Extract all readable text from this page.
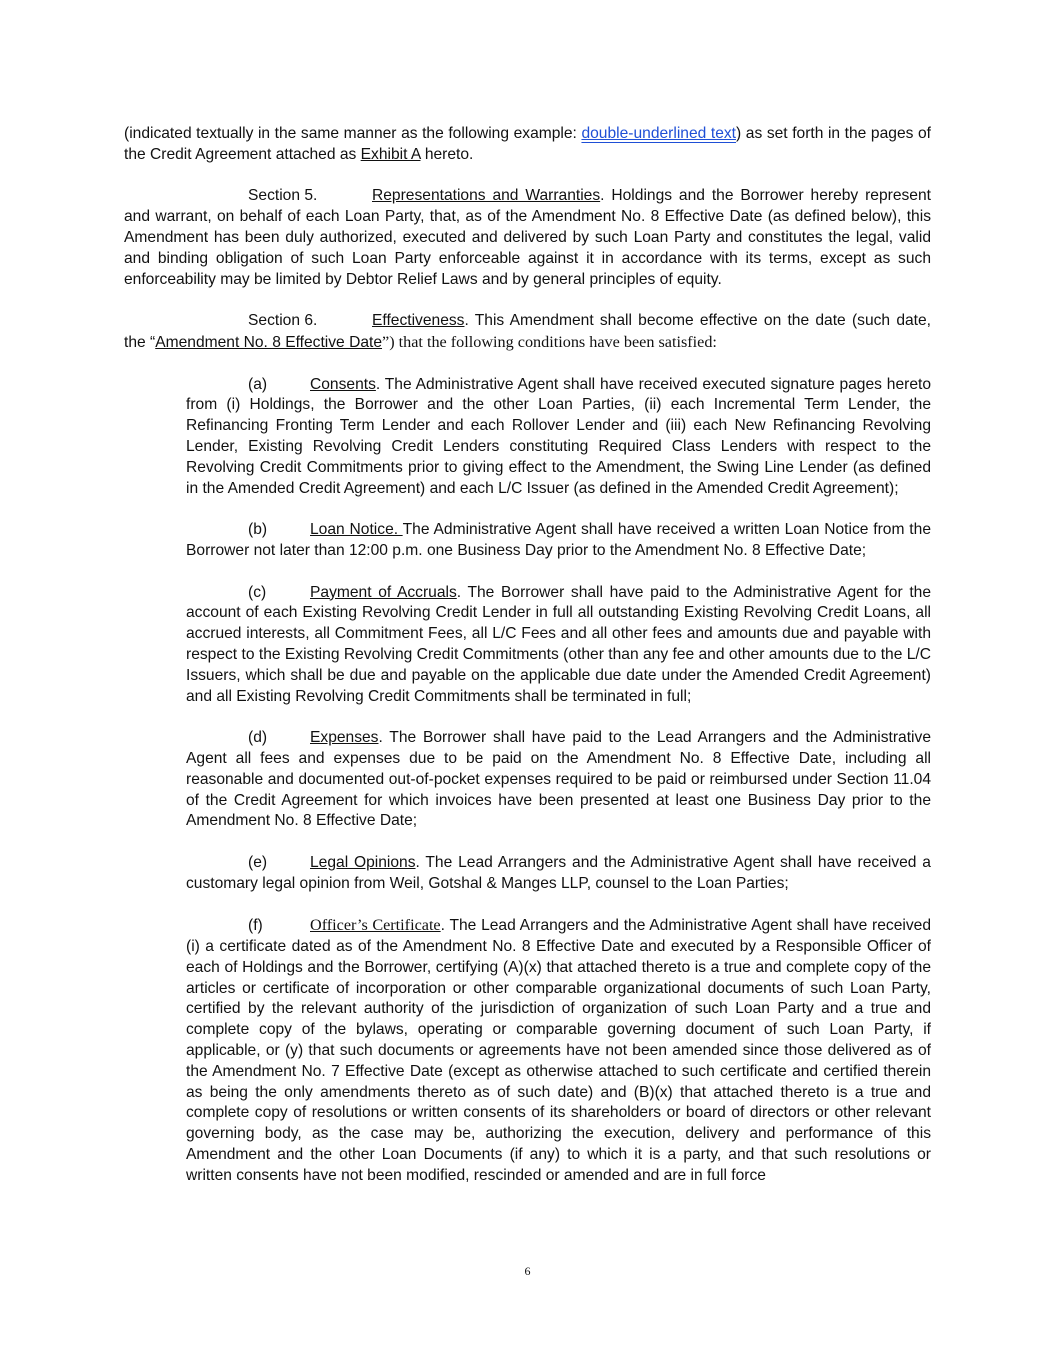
(indicated textually in the same manner as the following example: double-underlined text) as set forth in the pages of the Credit Agreement attached as Exhibit A hereto.

Section 5.	Representations and Warranties. Holdings and the Borrower hereby represent and warrant, on behalf of each Loan Party, that, as of the Amendment No. 8 Effective Date (as defined below), this Amendment has been duly authorized, executed and delivered by such Loan Party and constitutes the legal, valid and binding obligation of such Loan Party enforceable against it in accordance with its terms, except as such enforceability may be limited by Debtor Relief Laws and by general principles of equity.

Section 6.	Effectiveness. This Amendment shall become effective on the date (such date, the “Amendment No. 8 Effective Date”) that the following conditions have been satisfied:

(a)	Consents. The Administrative Agent shall have received executed signature pages hereto from (i) Holdings, the Borrower and the other Loan Parties, (ii) each Incremental Term Lender, the Refinancing Fronting Term Lender and each Rollover Lender and (iii) each New Refinancing Revolving Lender, Existing Revolving Credit Lenders constituting Required Class Lenders with respect to the Revolving Credit Commitments prior to giving effect to the Amendment, the Swing Line Lender (as defined in the Amended Credit Agreement) and each L/C Issuer (as defined in the Amended Credit Agreement);

(b)	Loan Notice. The Administrative Agent shall have received a written Loan Notice from the Borrower not later than 12:00 p.m. one Business Day prior to the Amendment No. 8 Effective Date;

(c)	Payment of Accruals. The Borrower shall have paid to the Administrative Agent for the account of each Existing Revolving Credit Lender in full all outstanding Existing Revolving Credit Loans, all accrued interests, all Commitment Fees, all L/C Fees and all other fees and amounts due and payable with respect to the Existing Revolving Credit Commitments (other than any fee and other amounts due to the L/C Issuers, which shall be due and payable on the applicable due date under the Amended Credit Agreement) and all Existing Revolving Credit Commitments shall be terminated in full;

(d)	Expenses. The Borrower shall have paid to the Lead Arrangers and the Administrative Agent all fees and expenses due to be paid on the Amendment No. 8 Effective Date, including all reasonable and documented out-of-pocket expenses required to be paid or reimbursed under Section 11.04 of the Credit Agreement for which invoices have been presented at least one Business Day prior to the Amendment No. 8 Effective Date;

(e)	Legal Opinions. The Lead Arrangers and the Administrative Agent shall have received a customary legal opinion from Weil, Gotshal & Manges LLP, counsel to the Loan Parties;

(f)	Officer’s Certificate. The Lead Arrangers and the Administrative Agent shall have received (i) a certificate dated as of the Amendment No. 8 Effective Date and executed by a Responsible Officer of each of Holdings and the Borrower, certifying (A)(x) that attached thereto is a true and complete copy of the articles or certificate of incorporation or other comparable organizational documents of such Loan Party, certified by the relevant authority of the jurisdiction of organization of such Loan Party and a true and complete copy of the bylaws, operating or comparable governing document of such Loan Party, if applicable, or (y) that such documents or agreements have not been amended since those delivered as of the Amendment No. 7 Effective Date (except as otherwise attached to such certificate and certified therein as being the only amendments thereto as of such date) and (B)(x) that attached thereto is a true and complete copy of resolutions or written consents of its shareholders or board of directors or other relevant governing body, as the case may be, authorizing the execution, delivery and performance of this Amendment and the other Loan Documents (if any) to which it is a party, and that such resolutions or written consents have not been modified, rescinded or amended and are in full force

6
